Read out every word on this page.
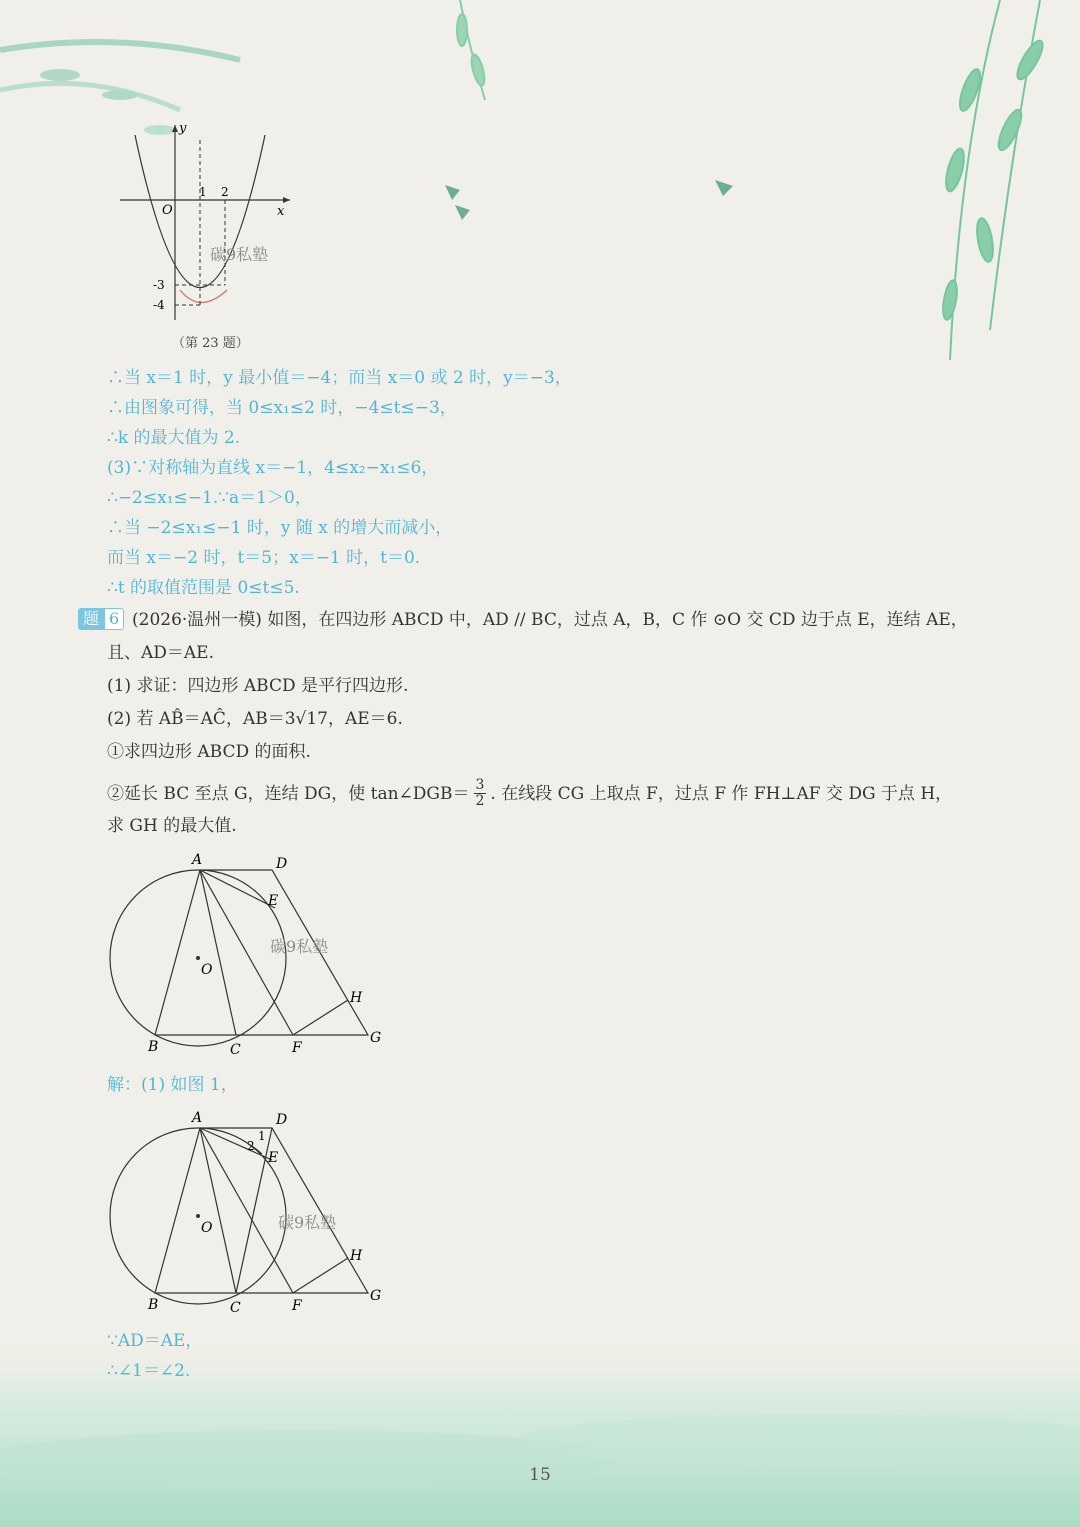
y
x
O
1 2
-3
-4
碳9私塾
（第 23 题）
∴当 x＝1 时，y 最小值＝−4；而当 x＝0 或 2 时，y＝−3，
∴由图象可得，当 0≤x₁≤2 时，−4≤t≤−3，
∴k 的最大值为 2.
(3)∵对称轴为直线 x＝−1，4≤x₂−x₁≤6，
∴−2≤x₁≤−1.∵a＝1＞0，
∴当 −2≤x₁≤−1 时，y 随 x 的增大而减小，
而当 x＝−2 时，t＝5；x＝−1 时，t＝0.
∴t 的取值范围是 0≤t≤5.
题 6 (2026·温州一模) 如图，在四边形 ABCD 中，AD // BC，过点 A，B，C 作 ⊙O 交 CD 边于点 E，连结 AE，
且、AD＝AE.
(1) 求证：四边形 ABCD 是平行四边形.
(2) 若 AB̂＝AĈ，AB＝3√17，AE＝6.
①求四边形 ABCD 的面积.
②延长 BC 至点 G，连结 DG，使 tan∠DGB＝ $\frac{3}{2}$ . 在线段 CG 上取点 F，过点 F 作 FH⊥AF 交 DG 于点 H，
求 GH 的最大值.
A	D
E
O
H
B	C	F
G
碳9私塾
解：(1) 如图 1，
A	D
1
2
E
O
H
B	C	F
G
碳9私塾
∵AD＝AE，
∴∠1＝∠2.
15
